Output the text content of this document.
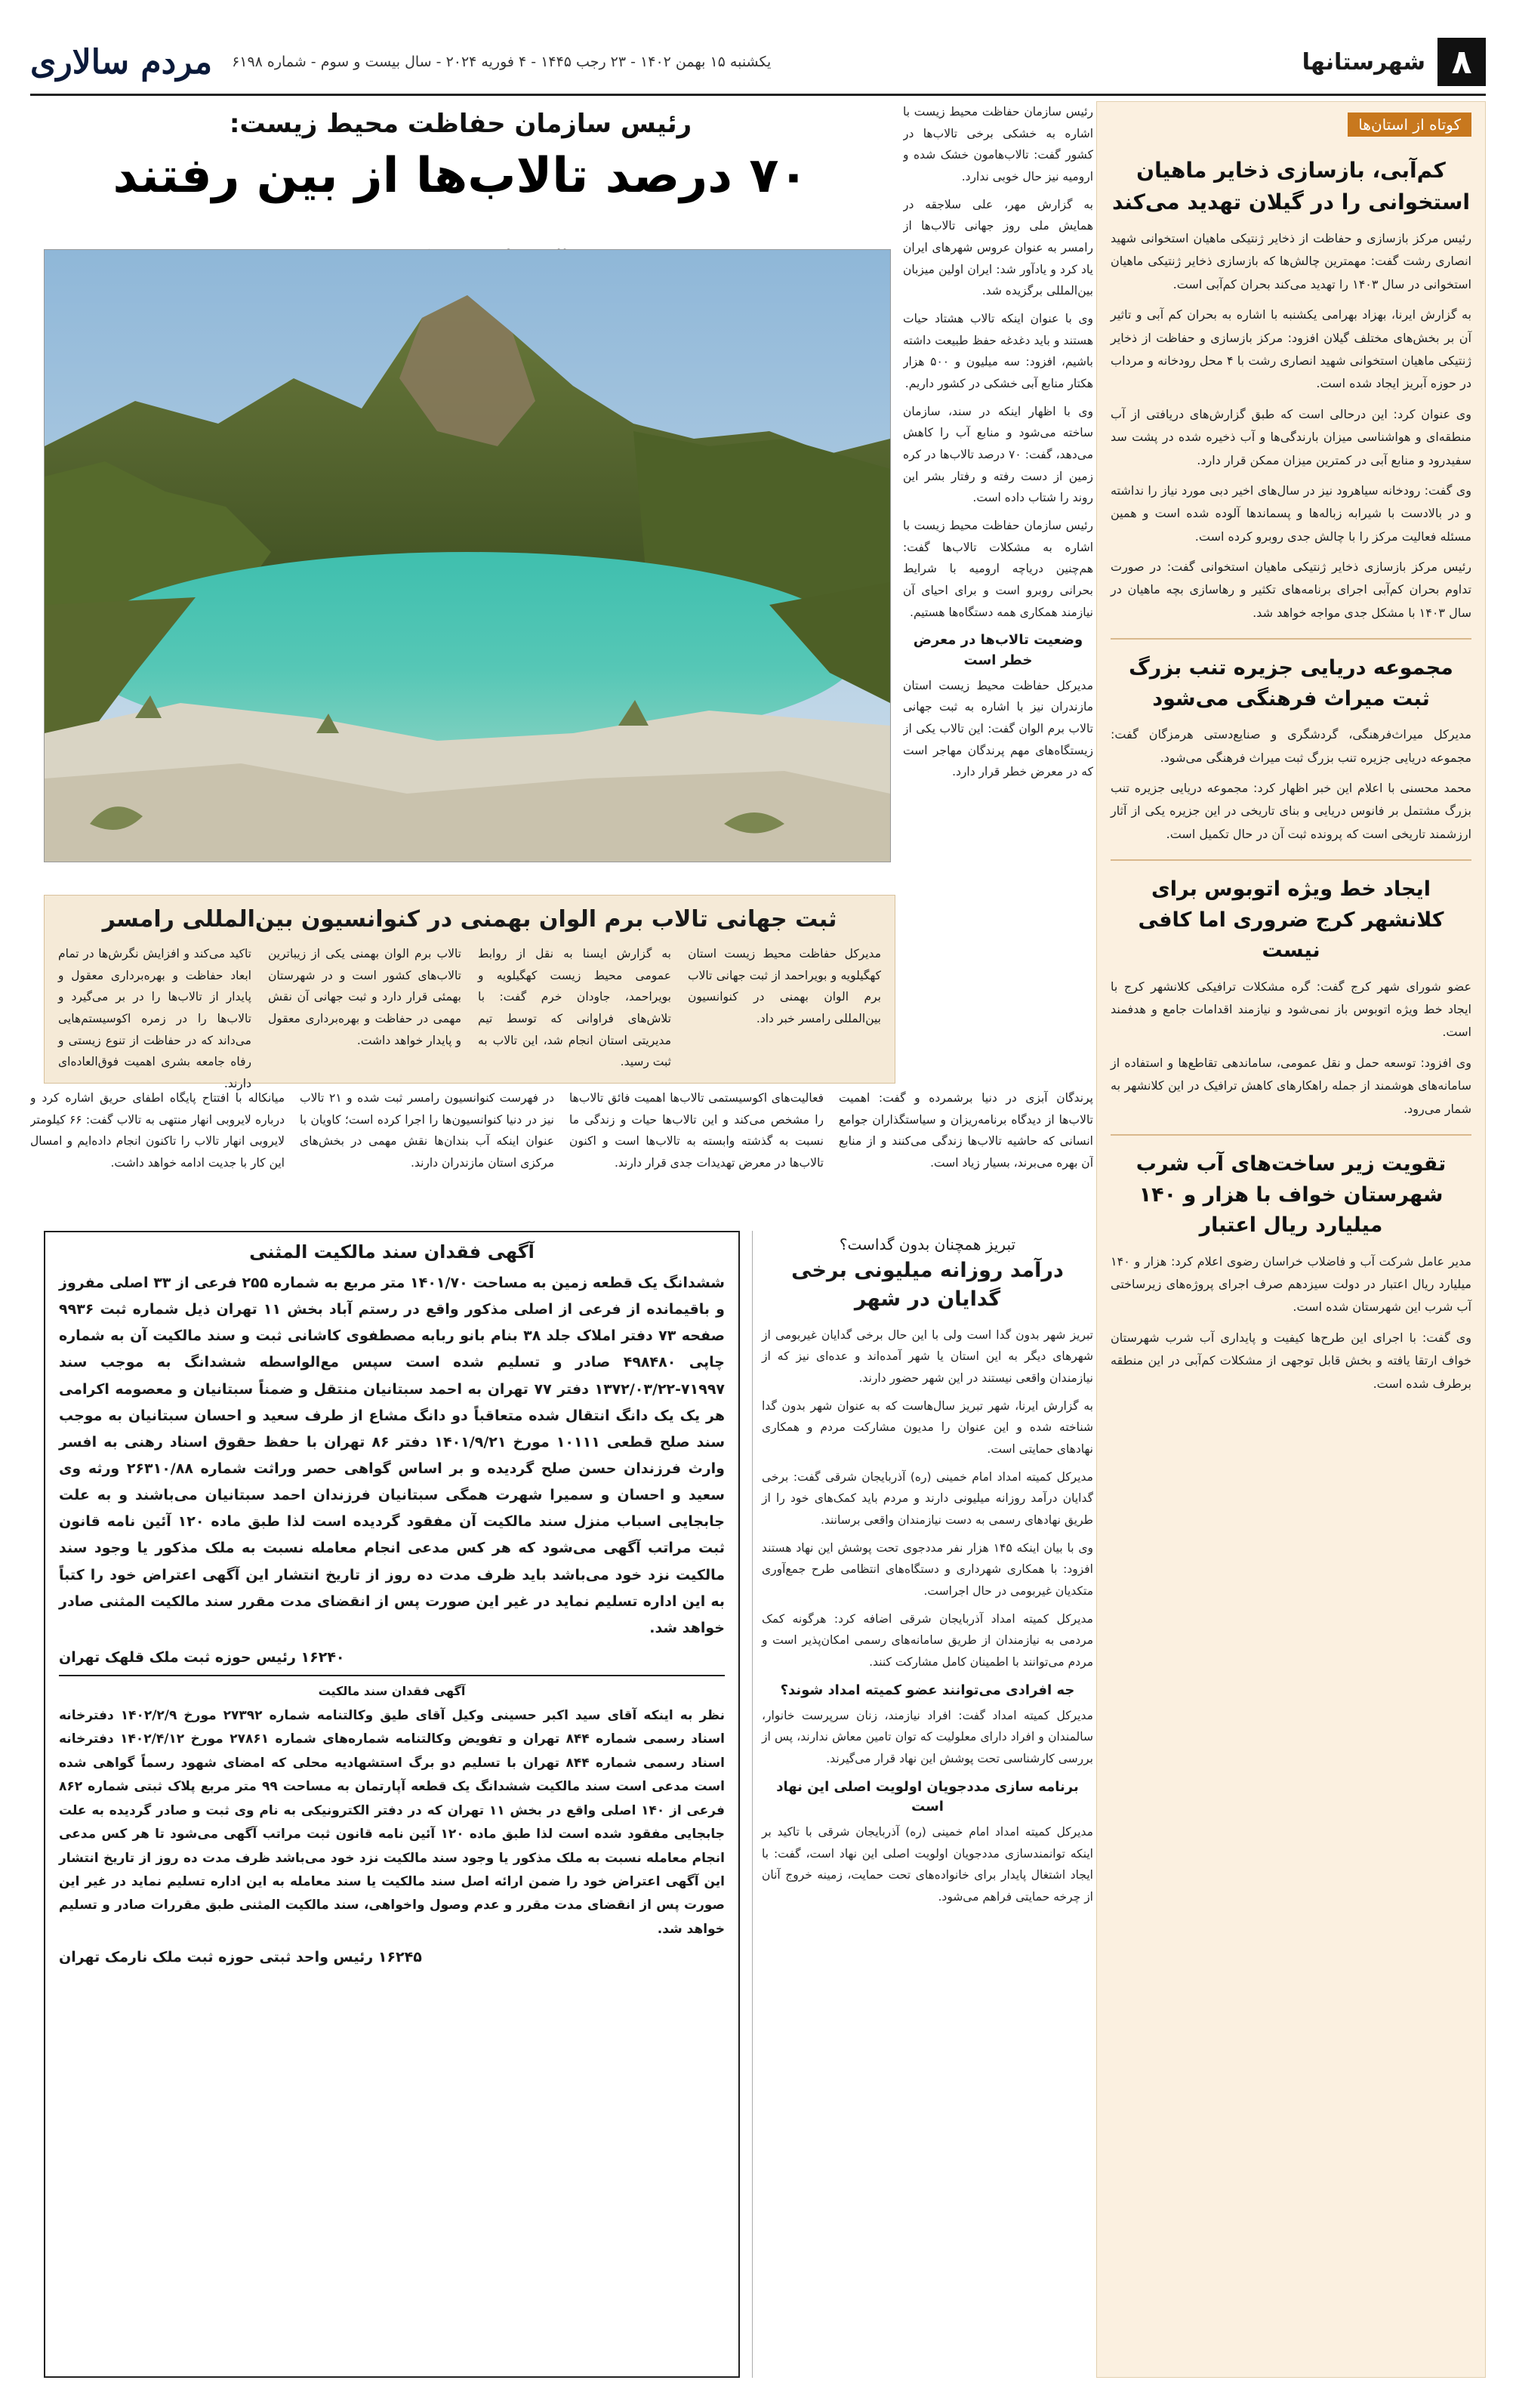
۸
شهرستانها
یکشنبه ۱۵ بهمن ۱۴۰۲ - ۲۳ رجب ۱۴۴۵ - ۴ فوریه ۲۰۲۴ - سال بیست و سوم - شماره ۶۱۹۸
مردم سالاری
کوتاه از استان‌ها
کم‌آبی، بازسازی ذخایر ماهیان استخوانی را در گیلان تهدید می‌کند

رئیس مرکز بازسازی و حفاظت از ذخایر ژنتیکی ماهیان استخوانی شهید انصاری رشت گفت: مهمترین چالش‌ها که بازسازی ذخایر ژنتیکی ماهیان استخوانی در سال ۱۴۰۳ را تهدید می‌کند بحران کم‌آبی است.

به گزارش ایرنا، بهزاد بهرامی یکشنبه با اشاره به بحران کم آبی و تاثیر آن بر بخش‌های مختلف گیلان افزود: مرکز بازسازی و حفاظت از ذخایر ژنتیکی ماهیان استخوانی شهید انصاری رشت با ۴ محل رودخانه و مرداب در حوزه آبریز ایجاد شده است.

وی عنوان کرد: این درحالی است که طبق گزارش‌های دریافتی از آب منطقه‌ای و هواشناسی میزان بارندگی‌ها و آب ذخیره شده در پشت سد سفیدرود و منابع آبی در کمترین میزان ممکن قرار دارد.

وی گفت: رودخانه سیاهرود نیز در سال‌های اخیر دبی مورد نیاز را نداشته و در بالادست با شیرابه زباله‌ها و پسماندها آلوده شده است و همین مسئله فعالیت مرکز را با چالش جدی روبرو کرده است.

رئیس مرکز بازسازی ذخایر ژنتیکی ماهیان استخوانی گفت: در صورت تداوم بحران کم‌آبی اجرای برنامه‌های تکثیر و رهاسازی بچه ماهیان در سال ۱۴۰۳ با مشکل جدی مواجه خواهد شد.

مجموعه دریایی جزیره تنب بزرگ ثبت میراث فرهنگی می‌شود

مدیرکل میراث‌فرهنگی، گردشگری و صنایع‌دستی هرمزگان گفت: مجموعه دریایی جزیره تنب بزرگ ثبت میراث فرهنگی می‌شود.

محمد محسنی با اعلام این خبر اظهار کرد: مجموعه دریایی جزیره تنب بزرگ مشتمل بر فانوس دریایی و بنای تاریخی در این جزیره یکی از آثار ارزشمند تاریخی است که پرونده ثبت آن در حال تکمیل است.

ایجاد خط ویژه اتوبوس برای کلانشهر کرج ضروری اما کافی نیست

عضو شورای شهر کرج گفت: گره مشکلات ترافیکی کلانشهر کرج با ایجاد خط ویژه اتوبوس باز نمی‌شود و نیازمند اقدامات جامع و هدفمند است.

وی افزود: توسعه حمل و نقل عمومی، ساماندهی تقاطع‌ها و استفاده از سامانه‌های هوشمند از جمله راهکارهای کاهش ترافیک در این کلانشهر به شمار می‌رود.

تقویت زیر ساخت‌های آب شرب شهرستان خواف با هزار و ۱۴۰ میلیارد ریال اعتبار

مدیر عامل شرکت آب و فاضلاب خراسان رضوی اعلام کرد: هزار و ۱۴۰ میلیارد ریال اعتبار در دولت سیزدهم صرف اجرای پروژه‌های زیرساختی آب شرب این شهرستان شده است.

وی گفت: با اجرای این طرح‌ها کیفیت و پایداری آب شرب شهرستان خواف ارتقا یافته و بخش قابل توجهی از مشکلات کم‌آبی در این منطقه برطرف شده است.

رئیس سازمان حفاظت محیط زیست با اشاره به خشکی برخی تالاب‌ها در کشور گفت: تالاب‌هامون خشک شده و ارومیه نیز حال خوبی ندارد.

به گزارش مهر، علی سلاجقه در همایش ملی روز جهانی تالاب‌ها از رامسر به عنوان عروس شهرهای ایران یاد کرد و یادآور شد: ایران اولین میزبان بین‌المللی برگزیده شد.

وی با عنوان اینکه تالاب هشتاد حیات هستند و باید دغدغه حفظ طبیعت داشته باشیم، افزود: سه میلیون و ۵۰۰ هزار هکتار منابع آبی خشکی در کشور داریم.

وی با اظهار اینکه در سند، سازمان ساخته می‌شود و منابع آب را کاهش می‌دهد، گفت: ۷۰ درصد تالاب‌ها در کره زمین از دست رفته و رفتار بشر این روند را شتاب داده است.

رئیس سازمان حفاظت محیط زیست با اشاره به مشکلات تالاب‌ها گفت: هم‌چنین دریاچه ارومیه با شرایط بحرانی روبرو است و برای احیای آن نیازمند همکاری همه دستگاه‌ها هستیم.

وضعیت تالاب‌ها در معرض خطر است

مدیرکل حفاظت محیط زیست استان مازندران نیز با اشاره به ثبت جهانی تالاب برم الوان گفت: این تالاب یکی از زیستگاه‌های مهم پرندگان مهاجر است که در معرض خطر قرار دارد.

رئیس سازمان حفاظت محیط زیست:
۷۰ درصد تالاب‌ها از بین رفتند
ثبت جهانی تالاب برم الوان بهمنی در کنوانسیون بین‌المللی رامسر

مدیرکل حفاظت محیط زیست استان کهگیلویه و بویراحمد از ثبت جهانی تالاب برم الوان بهمنی در کنوانسیون بین‌المللی رامسر خبر داد.

به گزارش ایسنا به نقل از روابط عمومی محیط زیست کهگیلویه و بویراحمد، جاودان خرم گفت: با تلاش‌های فراوانی که توسط تیم مدیریتی استان انجام شد، این تالاب به ثبت رسید.

تالاب برم الوان بهمنی یکی از زیباترین تالاب‌های کشور است و در شهرستان بهمئی قرار دارد و ثبت جهانی آن نقش مهمی در حفاظت و بهره‌برداری معقول و پایدار خواهد داشت.

تاکید می‌کند و افزایش نگرش‌ها در تمام ابعاد حفاظت و بهره‌برداری معقول و پایدار از تالاب‌ها را در بر می‌گیرد و تالاب‌ها را در زمره اکوسیستم‌هایی می‌داند که در حفاظت از تنوع زیستی و رفاه جامعه بشری اهمیت فوق‌العاده‌ای دارند.

پرندگان آبزی در دنیا برشمرده و گفت: اهمیت تالاب‌ها از دیدگاه برنامه‌ریزان و سیاستگذاران جوامع انسانی که حاشیه تالاب‌ها زندگی می‌کنند و از منابع آن بهره می‌برند، بسیار زیاد است.

فعالیت‌های اکوسیستمی تالاب‌ها اهمیت فائق تالاب‌ها را مشخص می‌کند و این تالاب‌ها حیات و زندگی ما نسبت به گذشته وابسته به تالاب‌ها است و اکنون تالاب‌ها در معرض تهدیدات جدی قرار دارند.

در فهرست کنوانسیون رامسر ثبت شده و ۲۱ تالاب نیز در دنیا کنوانسیون‌ها را اجرا کرده است؛ کاویان با عنوان اینکه آب بندان‌ها نقش مهمی در بخش‌های مرکزی استان مازندران دارند.

میانکاله با افتتاح پایگاه اطفای حریق اشاره کرد و درباره لایروبی انهار منتهی به تالاب گفت: ۶۶ کیلومتر لایروبی انهار تالاب را تاکنون انجام داده‌ایم و امسال این کار با جدیت ادامه خواهد داشت.

تبریز همچنان بدون گداست؟
درآمد روزانه میلیونی برخی گدایان در شهر

تبریز شهر بدون گدا است ولی با این حال برخی گدایان غیربومی از شهرهای دیگر به این استان یا شهر آمده‌اند و عده‌ای نیز که از نیازمندان واقعی نیستند در این شهر حضور دارند.

به گزارش ایرنا، شهر تبریز سال‌هاست که به عنوان شهر بدون گدا شناخته شده و این عنوان را مدیون مشارکت مردم و همکاری نهادهای حمایتی است.

مدیرکل کمیته امداد امام خمینی (ره) آذربایجان شرقی گفت: برخی گدایان درآمد روزانه میلیونی دارند و مردم باید کمک‌های خود را از طریق نهادهای رسمی به دست نیازمندان واقعی برسانند.

وی با بیان اینکه ۱۴۵ هزار نفر مددجوی تحت پوشش این نهاد هستند افزود: با همکاری شهرداری و دستگاه‌های انتظامی طرح جمع‌آوری متکدیان غیربومی در حال اجراست.

مدیرکل کمیته امداد آذربایجان شرقی اضافه کرد: هرگونه کمک مردمی به نیازمندان از طریق سامانه‌های رسمی امکان‌پذیر است و مردم می‌توانند با اطمینان کامل مشارکت کنند.

جه افرادی می‌توانند عضو کمیته امداد شوند؟

مدیرکل کمیته امداد گفت: افراد نیازمند، زنان سرپرست خانوار، سالمندان و افراد دارای معلولیت که توان تامین معاش ندارند، پس از بررسی کارشناسی تحت پوشش این نهاد قرار می‌گیرند.

برنامه سازی مددجویان اولویت اصلی این نهاد است

مدیرکل کمیته امداد امام خمینی (ره) آذربایجان شرقی با تاکید بر اینکه توانمندسازی مددجویان اولویت اصلی این نهاد است، گفت: با ایجاد اشتغال پایدار برای خانواده‌های تحت حمایت، زمینه خروج آنان از چرخه حمایتی فراهم می‌شود.

آگهی فقدان سند مالکیت المثنی

ششدانگ یک قطعه زمین به مساحت ۱۴۰۱/۷۰ متر مربع به شماره ۲۵۵ فرعی از ۳۳ اصلی مفروز و باقیمانده از فرعی از اصلی مذکور واقع در رستم آباد بخش ۱۱ تهران ذیل شماره ثبت ۹۹۳۶ صفحه ۷۳ دفتر املاک جلد ۳۸ بنام بانو ربابه مصطفوی کاشانی ثبت و سند مالکیت آن به شماره چاپی ۴۹۸۴۸۰ صادر و تسلیم شده است سپس مع‌الواسطه ششدانگ به موجب سند ۷۱۹۹۷-۱۳۷۲/۰۳/۲۲ دفتر ۷۷ تهران به احمد سبتانیان منتقل و ضمناً سبتانیان و معصومه اکرامی هر یک یک دانگ انتقال شده متعاقباً دو دانگ مشاع از طرف سعید و احسان سبتانیان به موجب سند صلح قطعی ۱۰۱۱۱ مورخ ۱۴۰۱/۹/۲۱ دفتر ۸۶ تهران با حفظ حقوق اسناد رهنی به افسر وارث فرزندان حسن صلح گردیده و بر اساس گواهی حصر وراثت شماره ۲۶۳۱۰/۸۸ ورثه وی سعید و احسان و سمیرا شهرت همگی سبتانیان فرزندان احمد سبتانیان می‌باشند و به علت جابجایی اسباب منزل سند مالکیت آن مفقود گردیده است لذا طبق ماده ۱۲۰ آئین نامه قانون ثبت مراتب آگهی می‌شود که هر کس مدعی انجام معامله نسبت به ملک مذکور یا وجود سند مالکیت نزد خود می‌باشد باید ظرف مدت ده روز از تاریخ انتشار این آگهی اعتراض خود را کتباً به این اداره تسلیم نماید در غیر این صورت پس از انقضای مدت مقرر سند مالکیت المثنی صادر خواهد شد.

۱۶۲۴۰ رئیس حوزه ثبت ملک قلهک تهران
آگهی فقدان سند مالکیت

نظر به اینکه آقای سید اکبر حسینی وکیل آقای طیق وکالتنامه شماره ۲۷۳۹۲ مورخ ۱۴۰۲/۲/۹ دفترخانه اسناد رسمی شماره ۸۴۴ تهران و تفویض وکالتنامه شماره‌های شماره ۲۷۸۶۱ مورخ ۱۴۰۲/۴/۱۲ دفترخانه اسناد رسمی شماره ۸۴۴ تهران با تسلیم دو برگ استشهادیه محلی که امضای شهود رسماً گواهی شده است مدعی است سند مالکیت ششدانگ یک قطعه آپارتمان به مساحت ۹۹ متر مربع پلاک ثبتی شماره ۸۶۲ فرعی از ۱۴۰ اصلی واقع در بخش ۱۱ تهران که در دفتر الکترونیکی به نام وی ثبت و صادر گردیده به علت جابجایی مفقود شده است لذا طبق ماده ۱۲۰ آئین نامه قانون ثبت مراتب آگهی می‌شود تا هر کس مدعی انجام معامله نسبت به ملک مذکور یا وجود سند مالکیت نزد خود می‌باشد ظرف مدت ده روز از تاریخ انتشار این آگهی اعتراض خود را ضمن ارائه اصل سند مالکیت یا سند معامله به این اداره تسلیم نماید در غیر این صورت پس از انقضای مدت مقرر و عدم وصول واخواهی، سند مالکیت المثنی طبق مقررات صادر و تسلیم خواهد شد.

۱۶۲۴۵ رئیس واحد ثبتی حوزه ثبت ملک نارمک تهران
